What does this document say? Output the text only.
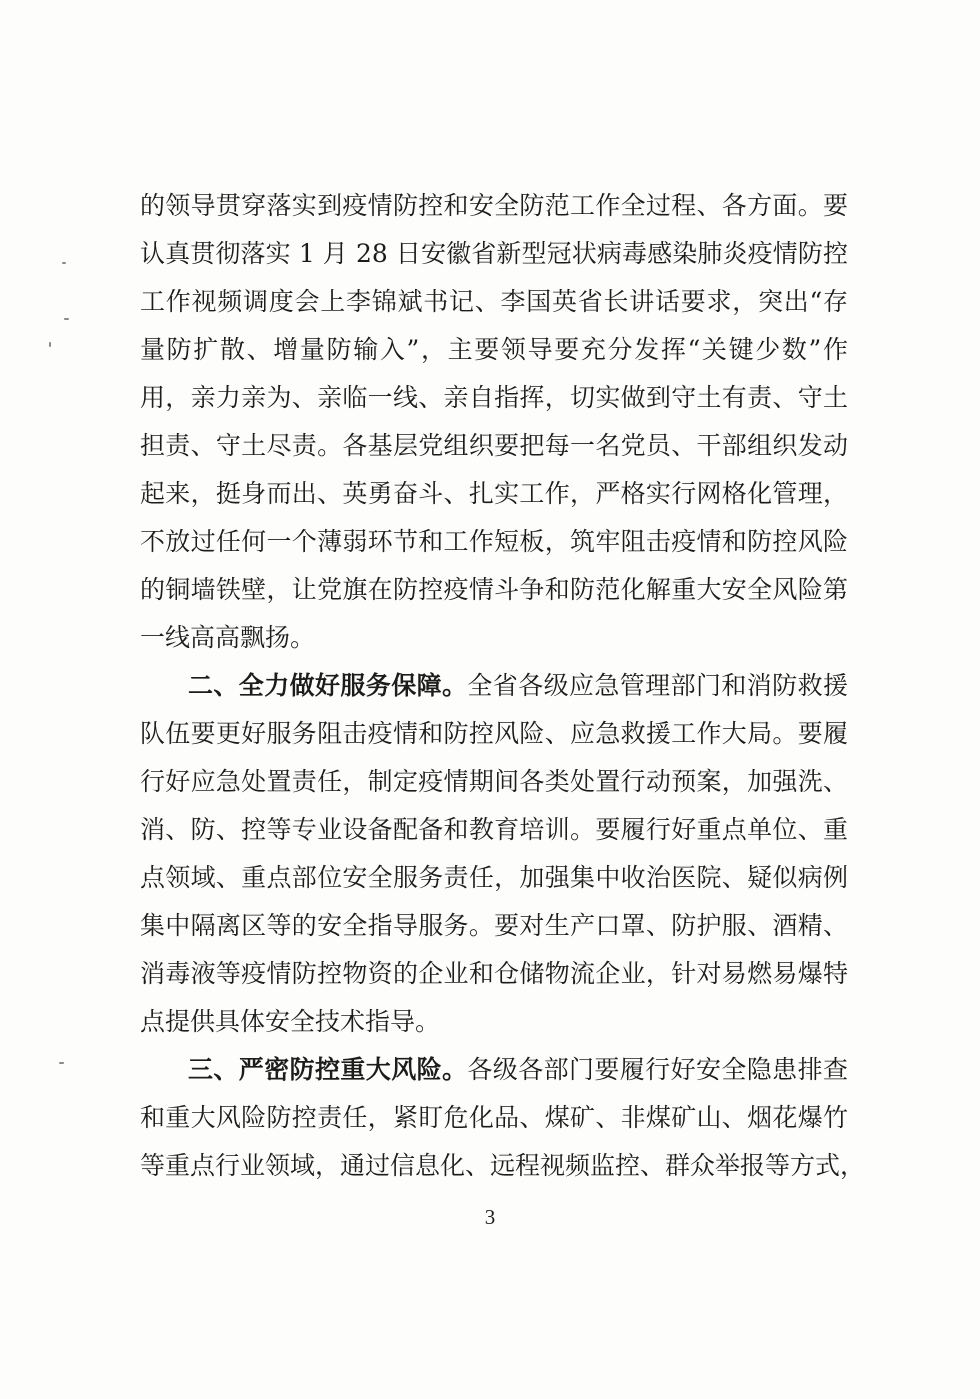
的领导贯穿落实到疫情防控和安全防范工作全过程、各方面。要
认真贯彻落实 1 月 28 日安徽省新型冠状病毒感染肺炎疫情防控
工作视频调度会上李锦斌书记、李国英省长讲话要求，突出“存
量防扩散、增量防输入”，主要领导要充分发挥“关键少数”作
用，亲力亲为、亲临一线、亲自指挥，切实做到守土有责、守土
担责、守土尽责。各基层党组织要把每一名党员、干部组织发动
起来，挺身而出、英勇奋斗、扎实工作，严格实行网格化管理，
不放过任何一个薄弱环节和工作短板，筑牢阻击疫情和防控风险
的铜墙铁壁，让党旗在防控疫情斗争和防范化解重大安全风险第
一线高高飘扬。
二、全力做好服务保障。全省各级应急管理部门和消防救援
队伍要更好服务阻击疫情和防控风险、应急救援工作大局。要履
行好应急处置责任，制定疫情期间各类处置行动预案，加强洗、
消、防、控等专业设备配备和教育培训。要履行好重点单位、重
点领域、重点部位安全服务责任，加强集中收治医院、疑似病例
集中隔离区等的安全指导服务。要对生产口罩、防护服、酒精、
消毒液等疫情防控物资的企业和仓储物流企业，针对易燃易爆特
点提供具体安全技术指导。
三、严密防控重大风险。各级各部门要履行好安全隐患排查
和重大风险防控责任，紧盯危化品、煤矿、非煤矿山、烟花爆竹
等重点行业领域，通过信息化、远程视频监控、群众举报等方式，
3
